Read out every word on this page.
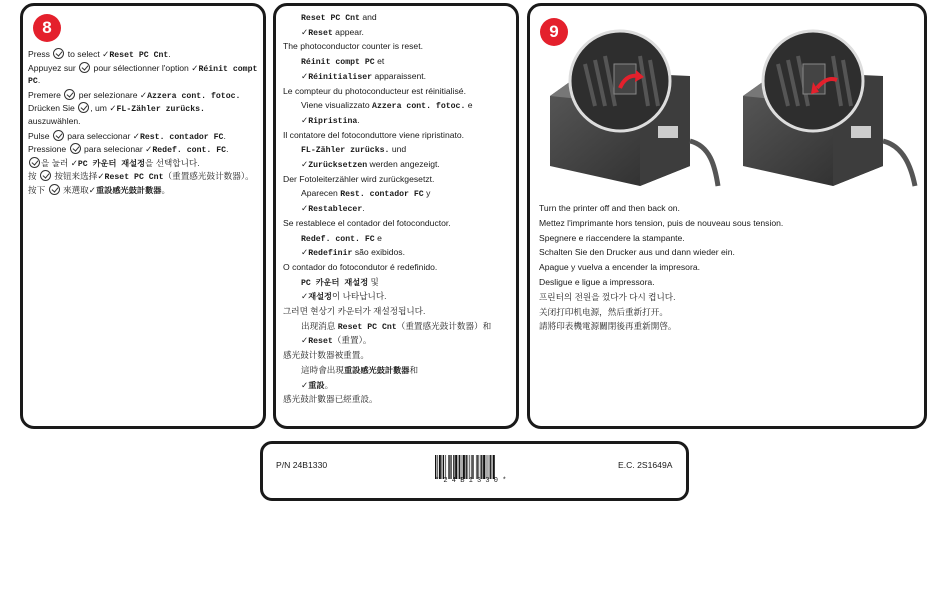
8
Press  to select ✓Reset PC Cnt.
Appuyez sur  pour sélectionner l'option ✓Réinit compt
PC.
Premere  per selezionare ✓Azzera cont. fotoc.
Drücken Sie , um ✓FL-Zähler zurücks.
auszuwählen.
Pulse  para seleccionar ✓Rest. contador FC.
Pressione  para selecionar ✓Redef. cont. FC.
을 눌러 ✓PC 카운터 재설정을 선택합니다.
按  按钮来选择✓Reset PC Cnt（重置感光鼓计数器）。
按下  來選取✓重設感光鼓計數器。
Reset PC Cnt and
✓Reset appear.
The photoconductor counter is reset.
Réinit compt PC et
✓Réinitialiser apparaissent.
Le compteur du photoconducteur est réinitialisé.
Viene visualizzato Azzera cont. fotoc. e
✓Ripristina.
Il contatore del fotoconduttore viene ripristinato.
FL-Zähler zurücks. und
✓Zurücksetzen werden angezeigt.
Der Fotoleiterzähler wird zurückgesetzt.
Aparecen Rest. contador FC y
✓Restablecer.
Se restablece el contador del fotoconductor.
Redef. cont. FC e
✓Redefinir são exibidos.
O contador do fotocondutor é redefinido.
PC 카운터 재설정 및
✓재설정이 나타납니다.
그러면 현상기 카운터가 재설정됩니다.
出现消息 Reset PC Cnt（重置感光鼓计数器）和
✓Reset（重置）。
感光鼓计数器被重置。
這時會出現重設感光鼓計數器和
✓重設。
感光鼓計數器已經重設。
9
Turn the printer off and then back on.
Mettez l'imprimante hors tension, puis de nouveau sous tension.
Spegnere e riaccendere la stampante.
Schalten Sie den Drucker aus und dann wieder ein.
Apague y vuelva a encender la impresora.
Desligue e ligue a impressora.
프린터의 전원을 껐다가 다시 켭니다.
关闭打印机电源，然后重新打开。
請將印表機電源關閉後再重新開啓。
P/N 24B1330
* 2 4 B 1 3 3 0 *
E.C. 2S1649A
